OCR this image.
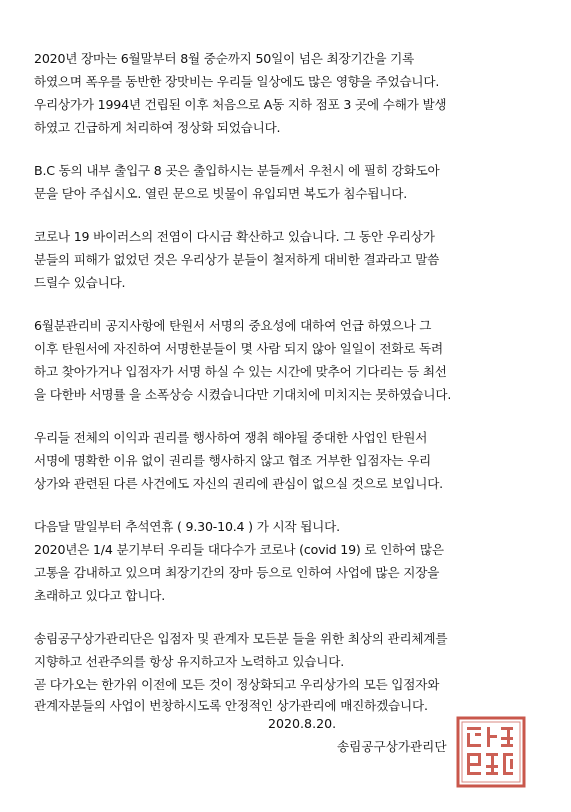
2020년 장마는 6월말부터 8월 중순까지 50일이 넘은 최장기간을 기록
하였으며 폭우를 동반한 장맛비는 우리들 일상에도 많은 영향을 주었습니다.
우리상가가 1994년 건립된 이후 처음으로 A동 지하 점포 3 곳에 수해가 발생
하였고 긴급하게 처리하여 정상화 되었습니다.
B.C 동의 내부 출입구 8 곳은 출입하시는 분들께서 우천시 에 필히 강화도아
문을 닫아 주십시오. 열린 문으로 빗물이 유입되면 복도가 침수됩니다.
코로나 19 바이러스의 전염이 다시금 확산하고 있습니다. 그 동안 우리상가
분들의 피해가 없었던 것은 우리상가 분들이 철저하게 대비한 결과라고 말씀
드릴수 있습니다.
6월분관리비 공지사항에 탄원서 서명의 중요성에 대하여 언급 하였으나 그
이후 탄원서에 자진하여 서명한분들이 몇 사람 되지 않아 일일이 전화로 독려
하고 찾아가거나 입점자가 서명 하실 수 있는 시간에 맞추어 기다리는 등 최선
을 다한바 서명률 을 소폭상승 시켰습니다만 기대치에 미치지는 못하였습니다.
우리들 전체의 이익과 권리를 행사하여 쟁취 해야될 중대한 사업인 탄원서
서명에 명확한 이유 없이 권리를 행사하지 않고 협조 거부한 입점자는 우리
상가와 관련된 다른 사건에도 자신의 권리에 관심이 없으실 것으로 보입니다.
다음달 말일부터 추석연휴 ( 9.30-10.4 ) 가 시작 됩니다.
2020년은 1/4 분기부터 우리들 대다수가 코로나 (covid 19) 로 인하여 많은
고통을 감내하고 있으며 최장기간의 장마 등으로 인하여 사업에 많은 지장을
초래하고 있다고 합니다.
송림공구상가관리단은 입점자 및 관계자 모든분 들을 위한 최상의 관리체계를
지향하고 선관주의를 항상 유지하고자 노력하고 있습니다.
곧 다가오는 한가위 이전에 모든 것이 정상화되고 우리상가의 모든 입점자와
관계자분들의 사업이 번창하시도록 안정적인 상가관리에 매진하겠습니다.
2020.8.20.
송림공구상가관리단
